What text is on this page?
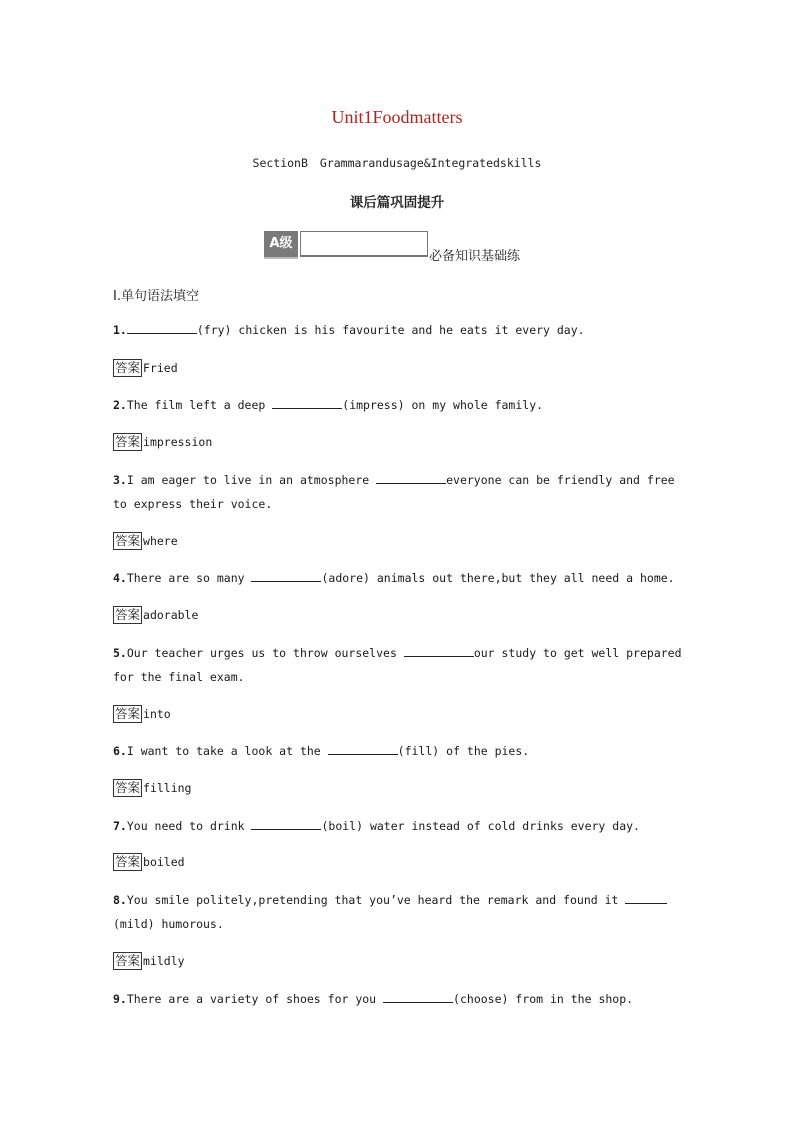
Unit1Foodmatters
SectionB Grammarandusage&Integratedskills
课后篇巩固提升
A级
必备知识基础练
Ⅰ.单句语法填空
1.	(fry) chicken is his favourite and he eats it every day.
答案 Fried
2.The film left a deep	(impress) on my whole family.
答案 impression
3.I am eager to live in an atmosphere	everyone can be friendly and free to express their voice.
答案 where
4.There are so many	(adore) animals out there,but they all need a home.
答案 adorable
5.Our teacher urges us to throw ourselves	our study to get well prepared for the final exam.
答案 into
6.I want to take a look at the	(fill) of the pies.
答案 filling
7.You need to drink	(boil) water instead of cold drinks every day.
答案 boiled
8.You smile politely,pretending that you’ve heard the remark and found it  (mild) humorous.
答案 mildly
9.There are a variety of shoes for you	(choose) from in the shop.
